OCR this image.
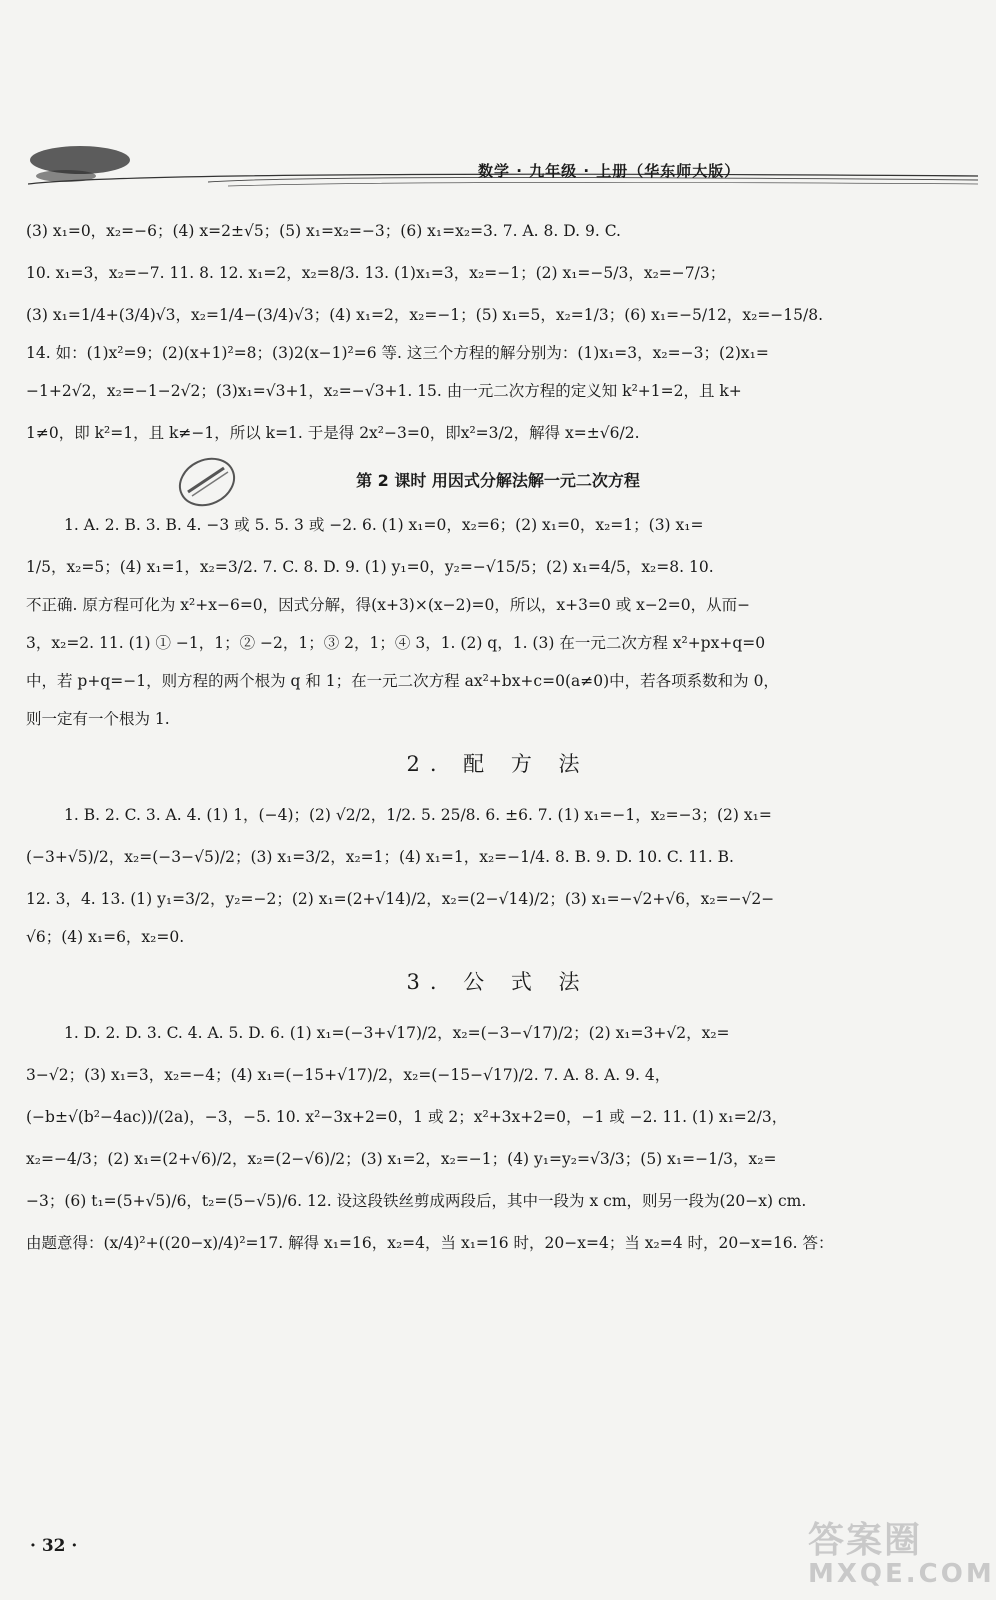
数学 · 九年级 · 上册（华东师大版）
(3) x₁=0，x₂=−6；(4) x=2±√5；(5) x₁=x₂=−3；(6) x₁=x₂=3. 7. A. 8. D. 9. C.
10. x₁=3，x₂=−7. 11. 8. 12. x₁=2，x₂=8/3. 13. (1)x₁=3，x₂=−1；(2) x₁=−5/3，x₂=−7/3；
(3) x₁=1/4+(3/4)√3，x₂=1/4−(3/4)√3；(4) x₁=2，x₂=−1；(5) x₁=5，x₂=1/3；(6) x₁=−5/12，x₂=−15/8.
14. 如：(1)x²=9；(2)(x+1)²=8；(3)2(x−1)²=6 等. 这三个方程的解分别为：(1)x₁=3，x₂=−3；(2)x₁=
−1+2√2，x₂=−1−2√2；(3)x₁=√3+1，x₂=−√3+1. 15. 由一元二次方程的定义知 k²+1=2，且 k+
1≠0，即 k²=1，且 k≠−1，所以 k=1. 于是得 2x²−3=0，即x²=3/2，解得 x=±√6/2.
第 2 课时 用因式分解法解一元二次方程
1. A. 2. B. 3. B. 4. −3 或 5. 5. 3 或 −2. 6. (1) x₁=0，x₂=6；(2) x₁=0，x₂=1；(3) x₁=
1/5，x₂=5；(4) x₁=1，x₂=3/2. 7. C. 8. D. 9. (1) y₁=0，y₂=−√15/5；(2) x₁=4/5，x₂=8. 10.
不正确. 原方程可化为 x²+x−6=0，因式分解，得(x+3)×(x−2)=0，所以，x+3=0 或 x−2=0，从而−
3，x₂=2. 11. (1) ① −1，1；② −2，1；③ 2，1；④ 3，1. (2) q，1. (3) 在一元二次方程 x²+px+q=0
中，若 p+q=−1，则方程的两个根为 q 和 1；在一元二次方程 ax²+bx+c=0(a≠0)中，若各项系数和为 0，
则一定有一个根为 1.
2. 配 方 法
1. B. 2. C. 3. A. 4. (1) 1，(−4)；(2) √2/2，1/2. 5. 25/8. 6. ±6. 7. (1) x₁=−1，x₂=−3；(2) x₁=
(−3+√5)/2，x₂=(−3−√5)/2；(3) x₁=3/2，x₂=1；(4) x₁=1，x₂=−1/4. 8. B. 9. D. 10. C. 11. B.
12. 3，4. 13. (1) y₁=3/2，y₂=−2；(2) x₁=(2+√14)/2，x₂=(2−√14)/2；(3) x₁=−√2+√6，x₂=−√2−
√6；(4) x₁=6，x₂=0.
3. 公 式 法
1. D. 2. D. 3. C. 4. A. 5. D. 6. (1) x₁=(−3+√17)/2，x₂=(−3−√17)/2；(2) x₁=3+√2，x₂=
3−√2；(3) x₁=3，x₂=−4；(4) x₁=(−15+√17)/2，x₂=(−15−√17)/2. 7. A. 8. A. 9. 4，
(−b±√(b²−4ac))/(2a)，−3，−5. 10. x²−3x+2=0，1 或 2；x²+3x+2=0，−1 或 −2. 11. (1) x₁=2/3，
x₂=−4/3；(2) x₁=(2+√6)/2，x₂=(2−√6)/2；(3) x₁=2，x₂=−1；(4) y₁=y₂=√3/3；(5) x₁=−1/3，x₂=
−3；(6) t₁=(5+√5)/6，t₂=(5−√5)/6. 12. 设这段铁丝剪成两段后，其中一段为 x cm，则另一段为(20−x) cm.
由题意得：(x/4)²+((20−x)/4)²=17. 解得 x₁=16，x₂=4，当 x₁=16 时，20−x=4；当 x₂=4 时，20−x=16. 答：
· 32 ·	答案圈
MXQE.COM
